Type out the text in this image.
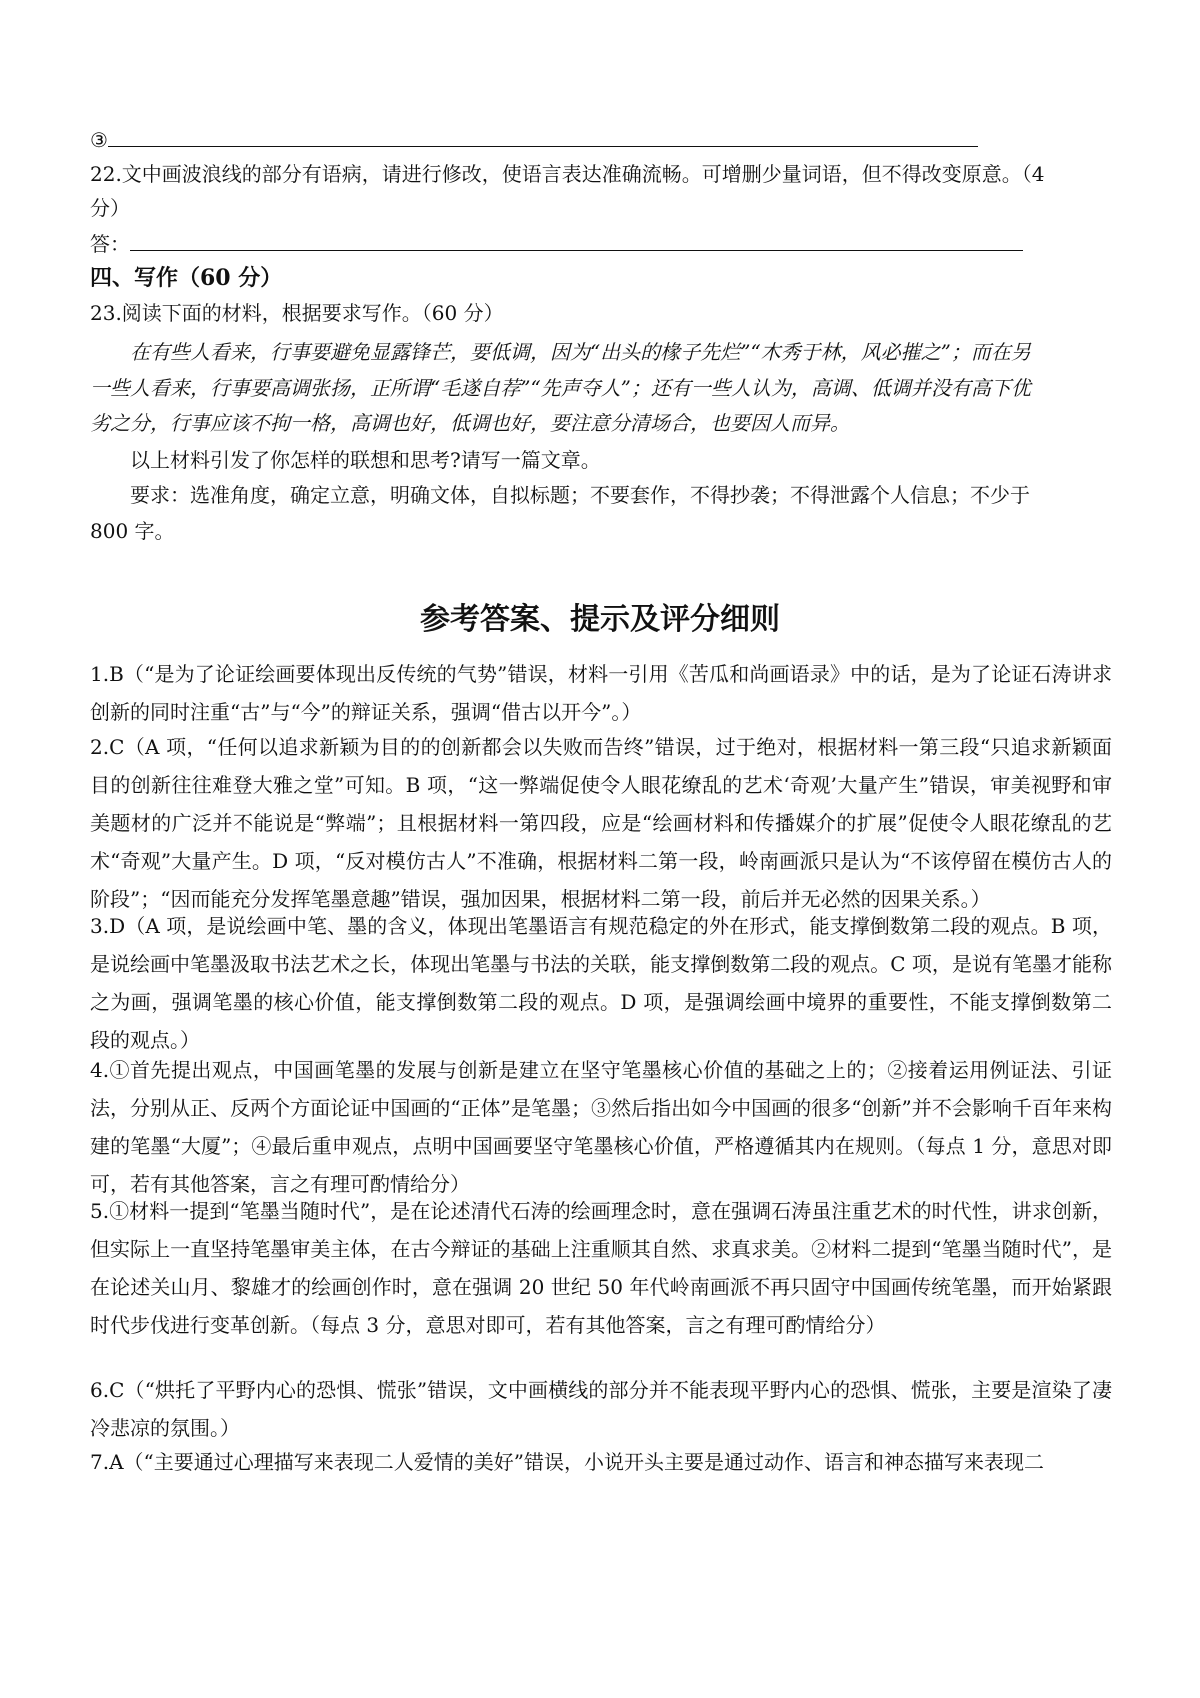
③
22.文中画波浪线的部分有语病，请进行修改，使语言表达准确流畅。可增删少量词语，但不得改变原意。（4
分）
答：
四、写作（60 分）
23.阅读下面的材料，根据要求写作。（60 分）
在有些人看来，行事要避免显露锋芒，要低调，因为“出头的椽子先烂”“木秀于林，风必摧之”；而在另
一些人看来，行事要高调张扬，正所谓“毛遂自荐”“先声夺人”；还有一些人认为，高调、低调并没有高下优
劣之分，行事应该不拘一格，高调也好，低调也好，要注意分清场合，也要因人而异。
以上材料引发了你怎样的联想和思考?请写一篇文章。
要求：选准角度，确定立意，明确文体，自拟标题；不要套作，不得抄袭；不得泄露个人信息；不少于
800 字。
参考答案、提示及评分细则
1.B（“是为了论证绘画要体现出反传统的气势”错误，材料一引用《苦瓜和尚画语录》中的话，是为了论证石涛讲求创新的同时注重“古”与“今”的辩证关系，强调“借古以开今”。）
2.C（A 项，“任何以追求新颖为目的的创新都会以失败而告终”错误，过于绝对，根据材料一第三段“只追求新颖面目的创新往往难登大雅之堂”可知。B 项，“这一弊端促使令人眼花缭乱的艺术‘奇观’大量产生”错误，审美视野和审美题材的广泛并不能说是“弊端”；且根据材料一第四段，应是“绘画材料和传播媒介的扩展”促使令人眼花缭乱的艺术“奇观”大量产生。D 项，“反对模仿古人”不准确，根据材料二第一段，岭南画派只是认为“不该停留在模仿古人的阶段”；“因而能充分发挥笔墨意趣”错误，强加因果，根据材料二第一段，前后并无必然的因果关系。）
3.D（A 项，是说绘画中笔、墨的含义，体现出笔墨语言有规范稳定的外在形式，能支撑倒数第二段的观点。B 项，是说绘画中笔墨汲取书法艺术之长，体现出笔墨与书法的关联，能支撑倒数第二段的观点。C 项，是说有笔墨才能称之为画，强调笔墨的核心价值，能支撑倒数第二段的观点。D 项，是强调绘画中境界的重要性，不能支撑倒数第二段的观点。）
4.①首先提出观点，中国画笔墨的发展与创新是建立在坚守笔墨核心价值的基础之上的；②接着运用例证法、引证法，分别从正、反两个方面论证中国画的“正体”是笔墨；③然后指出如今中国画的很多“创新”并不会影响千百年来构建的笔墨“大厦”；④最后重申观点，点明中国画要坚守笔墨核心价值，严格遵循其内在规则。（每点 1 分，意思对即可，若有其他答案，言之有理可酌情给分）
5.①材料一提到“笔墨当随时代”，是在论述清代石涛的绘画理念时，意在强调石涛虽注重艺术的时代性，讲求创新，但实际上一直坚持笔墨审美主体，在古今辩证的基础上注重顺其自然、求真求美。②材料二提到“笔墨当随时代”，是在论述关山月、黎雄才的绘画创作时，意在强调 20 世纪 50 年代岭南画派不再只固守中国画传统笔墨，而开始紧跟时代步伐进行变革创新。（每点 3 分，意思对即可，若有其他答案，言之有理可酌情给分）
6.C（“烘托了平野内心的恐惧、慌张”错误，文中画横线的部分并不能表现平野内心的恐惧、慌张，主要是渲染了凄冷悲凉的氛围。）
7.A（“主要通过心理描写来表现二人爱情的美好”错误，小说开头主要是通过动作、语言和神态描写来表现二
